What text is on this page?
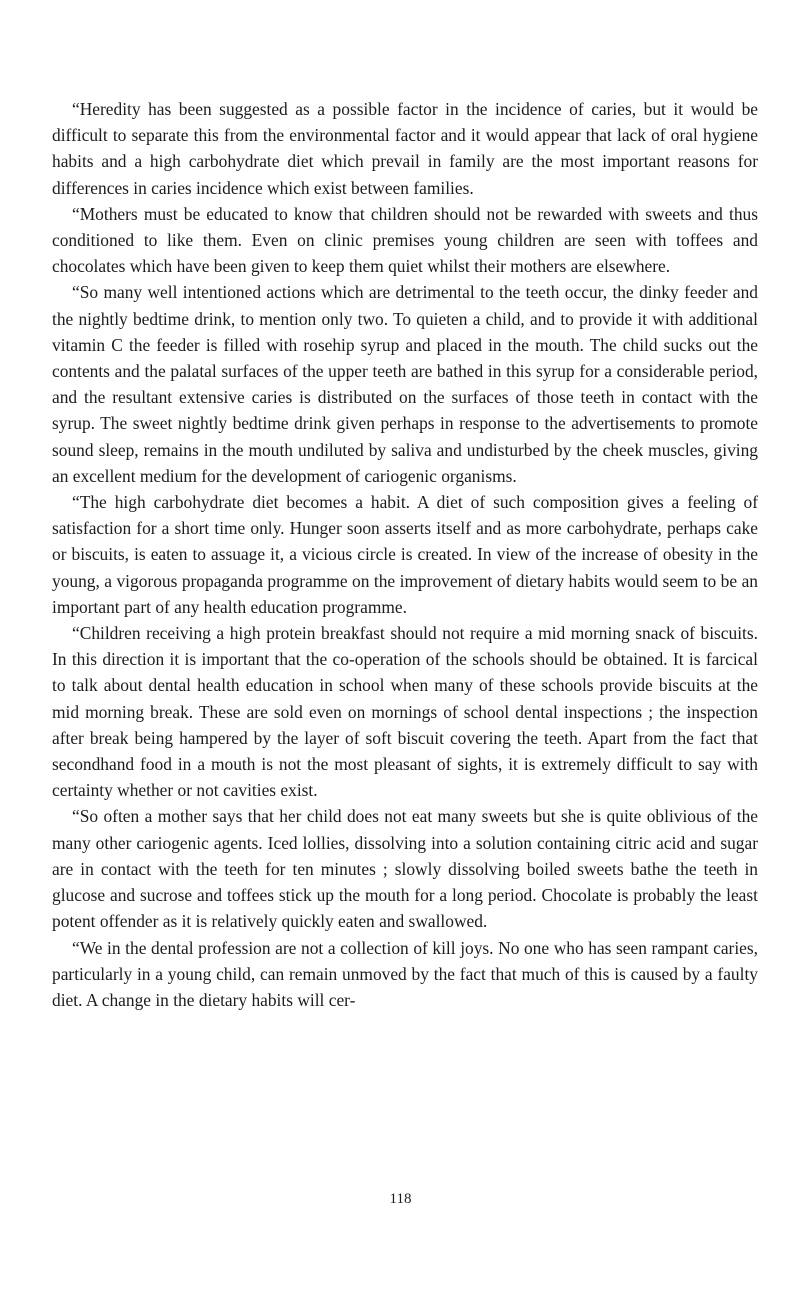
“Heredity has been suggested as a possible factor in the incidence of caries, but it would be difficult to separate this from the environmental factor and it would appear that lack of oral hygiene habits and a high carbohydrate diet which prevail in family are the most important reasons for differences in caries incidence which exist between families.

“Mothers must be educated to know that children should not be rewarded with sweets and thus conditioned to like them. Even on clinic premises young children are seen with toffees and chocolates which have been given to keep them quiet whilst their mothers are elsewhere.

“So many well intentioned actions which are detrimental to the teeth occur, the dinky feeder and the nightly bedtime drink, to mention only two. To quieten a child, and to provide it with additional vitamin C the feeder is filled with rosehip syrup and placed in the mouth. The child sucks out the contents and the palatal surfaces of the upper teeth are bathed in this syrup for a considerable period, and the resultant extensive caries is distributed on the surfaces of those teeth in contact with the syrup. The sweet nightly bedtime drink given perhaps in response to the advertisements to promote sound sleep, remains in the mouth undiluted by saliva and undisturbed by the cheek muscles, giving an excellent medium for the development of cariogenic organisms.

“The high carbohydrate diet becomes a habit. A diet of such composition gives a feeling of satisfaction for a short time only. Hunger soon asserts itself and as more carbohydrate, perhaps cake or biscuits, is eaten to assuage it, a vicious circle is created. In view of the increase of obesity in the young, a vigorous propaganda programme on the improvement of dietary habits would seem to be an important part of any health education programme.

“Children receiving a high protein breakfast should not require a mid morning snack of biscuits. In this direction it is important that the co-operation of the schools should be obtained. It is farcical to talk about dental health education in school when many of these schools provide biscuits at the mid morning break. These are sold even on mornings of school dental inspections ; the inspection after break being hampered by the layer of soft biscuit covering the teeth. Apart from the fact that secondhand food in a mouth is not the most pleasant of sights, it is extremely difficult to say with certainty whether or not cavities exist.

“So often a mother says that her child does not eat many sweets but she is quite oblivious of the many other cariogenic agents. Iced lollies, dissolving into a solution containing citric acid and sugar are in contact with the teeth for ten minutes ; slowly dissolving boiled sweets bathe the teeth in glucose and sucrose and toffees stick up the mouth for a long period. Chocolate is probably the least potent offender as it is relatively quickly eaten and swallowed.

“We in the dental profession are not a collection of kill joys. No one who has seen rampant caries, particularly in a young child, can remain unmoved by the fact that much of this is caused by a faulty diet. A change in the dietary habits will cer-

118
